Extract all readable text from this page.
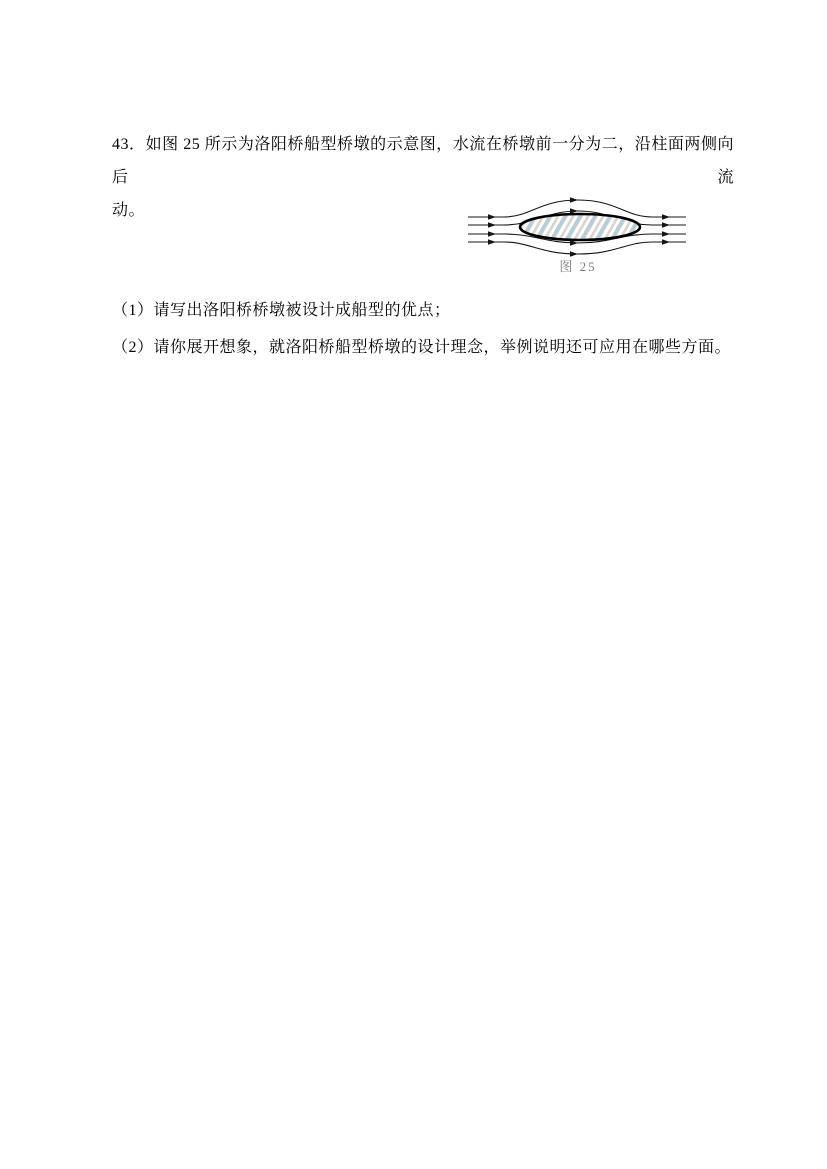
43．如图 25 所示为洛阳桥船型桥墩的示意图，水流在桥墩前一分为二，沿柱面两侧向后流
动。
图 25
（1）请写出洛阳桥桥墩被设计成船型的优点；
（2）请你展开想象，就洛阳桥船型桥墩的设计理念，举例说明还可应用在哪些方面。
